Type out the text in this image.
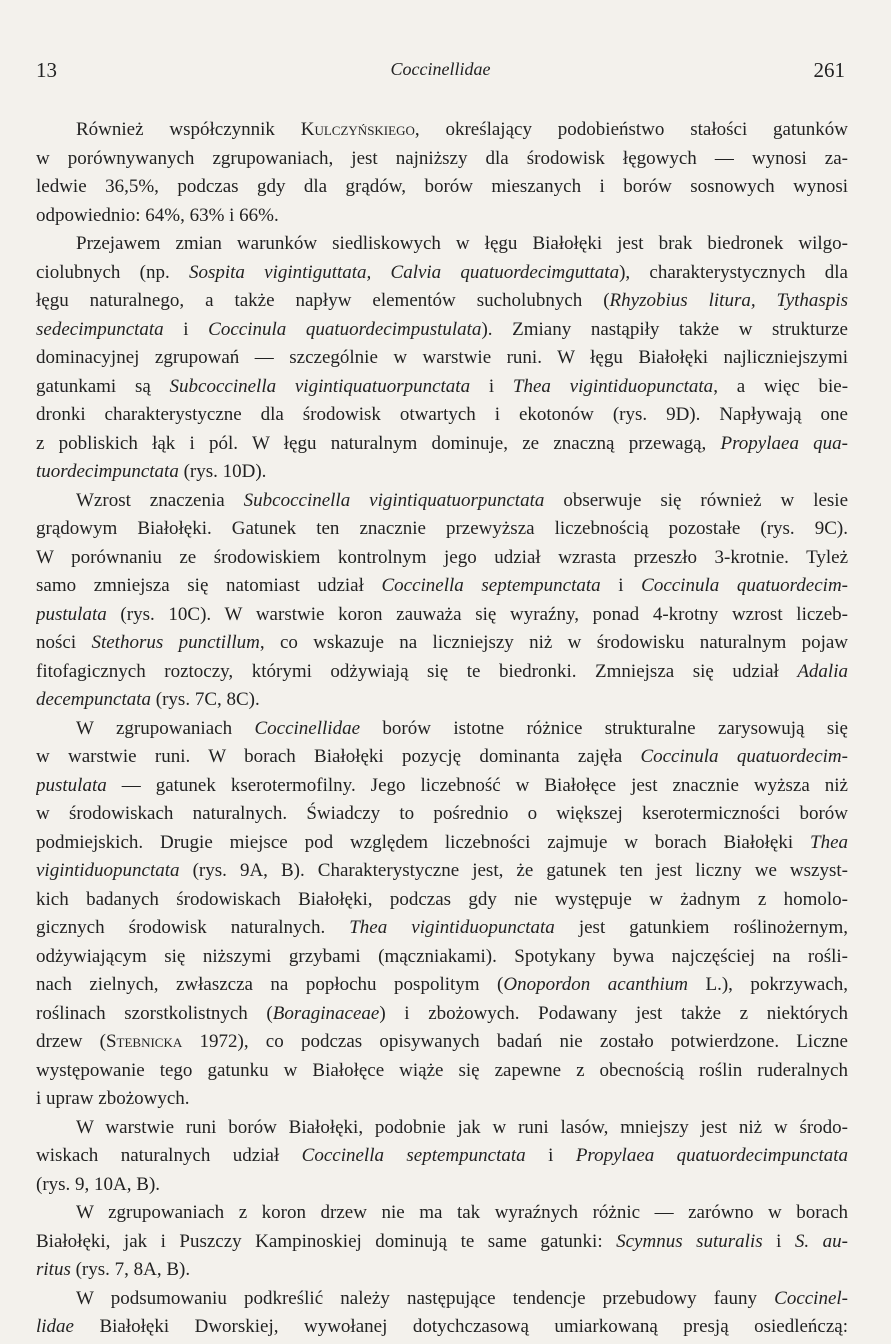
13	Coccinellidae	261
Również współczynnik Kulczyńskiego, określający podobieństwo stałości gatunków
w porównywanych zgrupowaniach, jest najniższy dla środowisk łęgowych — wynosi za-
ledwie 36,5%, podczas gdy dla grądów, borów mieszanych i borów sosnowych wynosi
odpowiednio: 64%, 63% i 66%.
Przejawem zmian warunków siedliskowych w łęgu Białołęki jest brak biedronek wilgo-
ciolubnych (np. Sospita vigintiguttata, Calvia quatuordecimguttata), charakterystycznych dla
łęgu naturalnego, a także napływ elementów sucholubnych (Rhyzobius litura, Tythaspis
sedecimpunctata i Coccinula quatuordecimpustulata). Zmiany nastąpiły także w strukturze
dominacyjnej zgrupowań — szczególnie w warstwie runi. W łęgu Białołęki najliczniejszymi
gatunkami są Subcoccinella vigintiquatuorpunctata i Thea vigintiduopunctata, a więc bie-
dronki charakterystyczne dla środowisk otwartych i ekotonów (rys. 9D). Napływają one
z pobliskich łąk i pól. W łęgu naturalnym dominuje, ze znaczną przewagą, Propylaea qua-
tuordecimpunctata (rys. 10D).
Wzrost znaczenia Subcoccinella vigintiquatuorpunctata obserwuje się również w lesie
grądowym Białołęki. Gatunek ten znacznie przewyższa liczebnością pozostałe (rys. 9C).
W porównaniu ze środowiskiem kontrolnym jego udział wzrasta przeszło 3-krotnie. Tyleż
samo zmniejsza się natomiast udział Coccinella septempunctata i Coccinula quatuordecim-
pustulata (rys. 10C). W warstwie koron zauważa się wyraźny, ponad 4-krotny wzrost liczeb-
ności Stethorus punctillum, co wskazuje na liczniejszy niż w środowisku naturalnym pojaw
fitofagicznych roztoczy, którymi odżywiają się te biedronki. Zmniejsza się udział Adalia
decempunctata (rys. 7C, 8C).
W zgrupowaniach Coccinellidae borów istotne różnice strukturalne zarysowują się
w warstwie runi. W borach Białołęki pozycję dominanta zajęła Coccinula quatuordecim-
pustulata — gatunek kserotermofilny. Jego liczebność w Białołęce jest znacznie wyższa niż
w środowiskach naturalnych. Świadczy to pośrednio o większej kserotermiczności borów
podmiejskich. Drugie miejsce pod względem liczebności zajmuje w borach Białołęki Thea
vigintiduopunctata (rys. 9A, B). Charakterystyczne jest, że gatunek ten jest liczny we wszyst-
kich badanych środowiskach Białołęki, podczas gdy nie występuje w żadnym z homolo-
gicznych środowisk naturalnych. Thea vigintiduopunctata jest gatunkiem roślinożernym,
odżywiającym się niższymi grzybami (mączniakami). Spotykany bywa najczęściej na rośli-
nach zielnych, zwłaszcza na popłochu pospolitym (Onopordon acanthium L.), pokrzywach,
roślinach szorstkolistnych (Boraginaceae) i zbożowych. Podawany jest także z niektórych
drzew (Stebnicka 1972), co podczas opisywanych badań nie zostało potwierdzone. Liczne
występowanie tego gatunku w Białołęce wiąże się zapewne z obecnością roślin ruderalnych
i upraw zbożowych.
W warstwie runi borów Białołęki, podobnie jak w runi lasów, mniejszy jest niż w środo-
wiskach naturalnych udział Coccinella septempunctata i Propylaea quatuordecimpunctata
(rys. 9, 10A, B).
W zgrupowaniach z koron drzew nie ma tak wyraźnych różnic — zarówno w borach
Białołęki, jak i Puszczy Kampinoskiej dominują te same gatunki: Scymnus suturalis i S. au-
ritus (rys. 7, 8A, B).
W podsumowaniu podkreślić należy następujące tendencje przebudowy fauny Coccinel-
lidae Białołęki Dworskiej, wywołanej dotychczasową umiarkowaną presją osiedleńczą:
